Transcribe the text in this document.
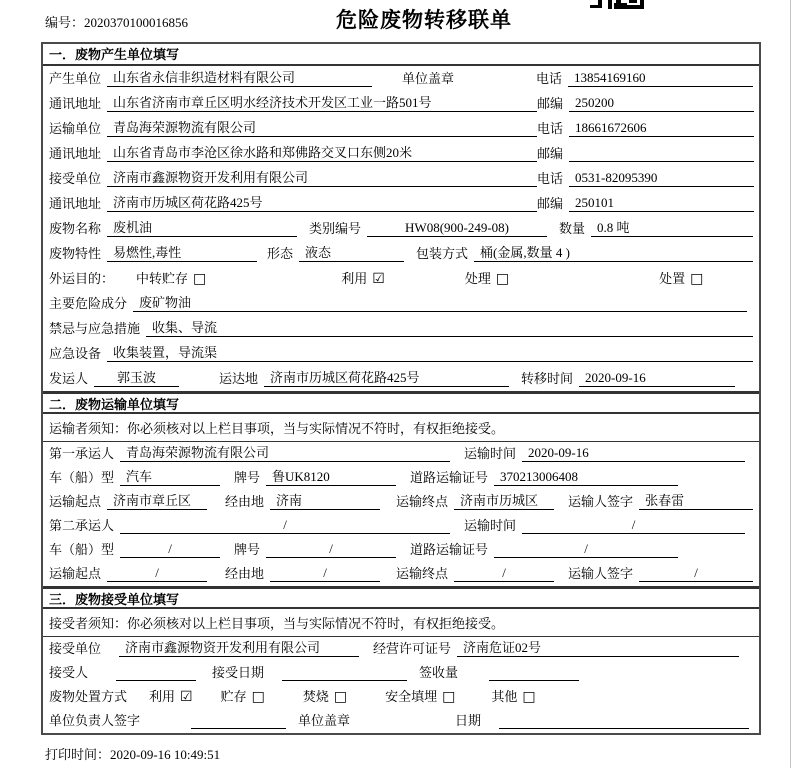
编号：2020370100016856	危险废物转移联单
一．废物产生单位填写
产生单位 山东省永信非织造材料有限公司	单位盖章	电话 13854169160
通讯地址 山东省济南市章丘区明水经济技术开发区工业一路501号	邮编 250200
运输单位 青岛海荣源物流有限公司	电话 18661672606
通讯地址 山东省青岛市李沧区徐水路和郑佛路交叉口东侧20米	邮编
接受单位 济南市鑫源物资开发利用有限公司	电话 0531-82095390
通讯地址 济南市历城区荷花路425号	邮编 250101
废物名称 废机油	类别编号	HW08(900-249-08)	数量 0.8 吨
废物特性 易燃性,毒性	形态 液态	包装方式 桶(金属,数量 4 )
外运目的： 中转贮存 □	利用 ☑	处理 □	处置 □
主要危险成分 废矿物油
禁忌与应急措施 收集、导流
应急设备 收集装置，导流渠
发运人	郭玉波	运达地 济南市历城区荷花路425号	转移时间 2020-09-16
二．废物运输单位填写
运输者须知：你必须核对以上栏目事项，当与实际情况不符时，有权拒绝接受。
第一承运人 青岛海荣源物流有限公司	运输时间 2020-09-16
车（船）型 汽车	牌号 鲁UK8120	道路运输证号 370213006408
运输起点 济南市章丘区	经由地 济南	运输终点 济南市历城区	运输人签字 张春雷
第二承运人	/	运输时间	/
车（船）型	/	牌号	/	道路运输证号	/
运输起点	/	经由地	/	运输终点	/	运输人签字	/
三．废物接受单位填写
接受者须知：你必须核对以上栏目事项，当与实际情况不符时，有权拒绝接受。
接受单位	济南市鑫源物资开发利用有限公司	经营许可证号 济南危证02号
接受人	接受日期	签收量
废物处置方式 利用 ☑ 贮存 □	焚烧 □	安全填埋 □	其他 □
单位负责人签字	单位盖章	日期
打印时间：2020-09-16 10:49:51
